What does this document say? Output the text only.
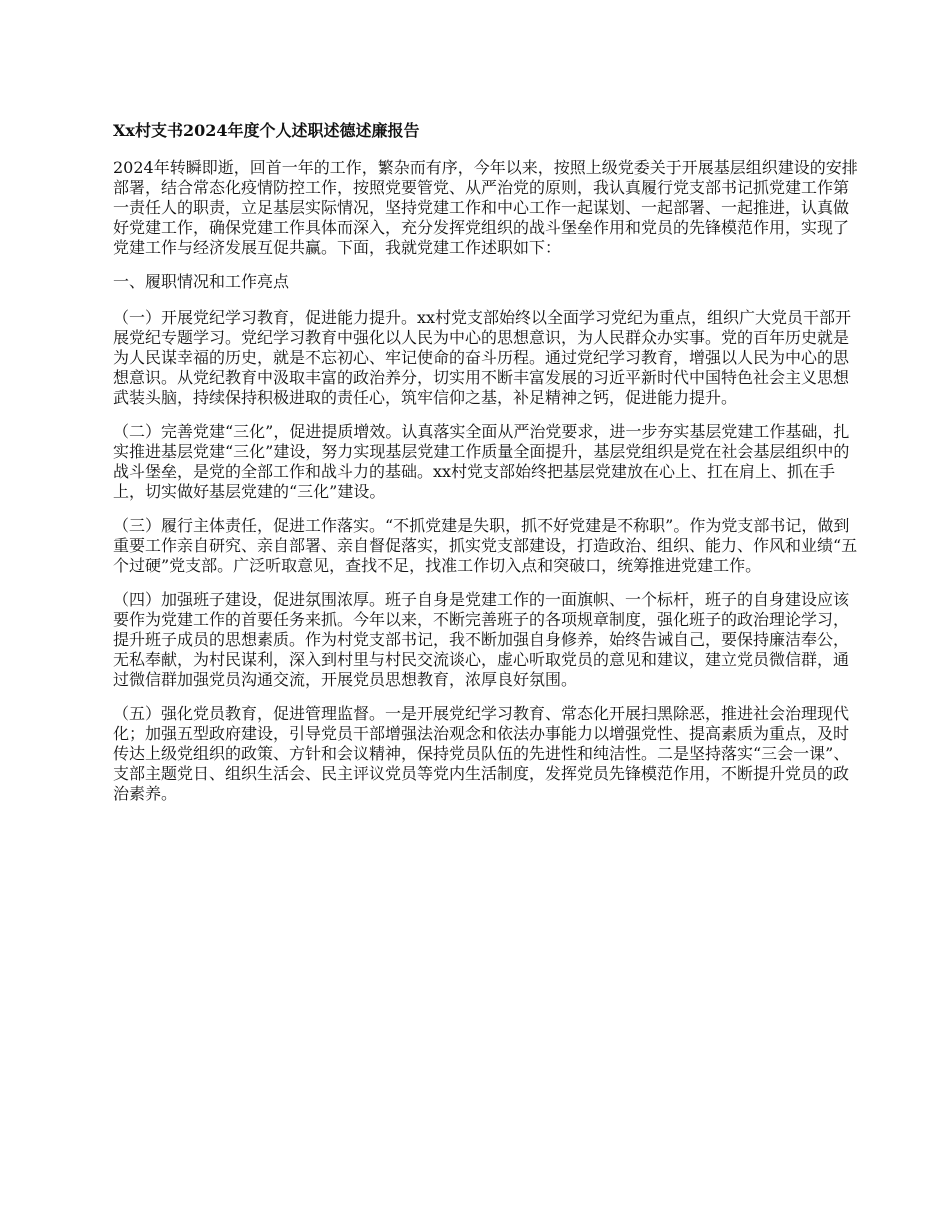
Xx村支书2024年度个人述职述德述廉报告
2024年转瞬即逝，回首一年的工作，繁杂而有序，今年以来，按照上级党委关于开展基层组织建设的安排部署，结合常态化疫情防控工作，按照党要管党、从严治党的原则，我认真履行党支部书记抓党建工作第一责任人的职责，立足基层实际情况，坚持党建工作和中心工作一起谋划、一起部署、一起推进，认真做好党建工作，确保党建工作具体而深入，充分发挥党组织的战斗堡垒作用和党员的先锋模范作用，实现了党建工作与经济发展互促共赢。下面，我就党建工作述职如下：
一、履职情况和工作亮点
（一）开展党纪学习教育，促进能力提升。xx村党支部始终以全面学习党纪为重点，组织广大党员干部开展党纪专题学习。党纪学习教育中强化以人民为中心的思想意识，为人民群众办实事。党的百年历史就是为人民谋幸福的历史，就是不忘初心、牢记使命的奋斗历程。通过党纪学习教育，增强以人民为中心的思想意识。从党纪教育中汲取丰富的政治养分，切实用不断丰富发展的习近平新时代中国特色社会主义思想武装头脑，持续保持积极进取的责任心，筑牢信仰之基，补足精神之钙，促进能力提升。
（二）完善党建“三化”，促进提质增效。认真落实全面从严治党要求，进一步夯实基层党建工作基础，扎实推进基层党建“三化”建设，努力实现基层党建工作质量全面提升，基层党组织是党在社会基层组织中的战斗堡垒，是党的全部工作和战斗力的基础。xx村党支部始终把基层党建放在心上、扛在肩上、抓在手上，切实做好基层党建的“三化”建设。
（三）履行主体责任，促进工作落实。“不抓党建是失职，抓不好党建是不称职”。作为党支部书记，做到重要工作亲自研究、亲自部署、亲自督促落实，抓实党支部建设，打造政治、组织、能力、作风和业绩“五个过硬”党支部。广泛听取意见，查找不足，找准工作切入点和突破口，统筹推进党建工作。
（四）加强班子建设，促进氛围浓厚。班子自身是党建工作的一面旗帜、一个标杆，班子的自身建设应该要作为党建工作的首要任务来抓。今年以来，不断完善班子的各项规章制度，强化班子的政治理论学习，提升班子成员的思想素质。作为村党支部书记，我不断加强自身修养，始终告诫自己，要保持廉洁奉公，无私奉献，为村民谋利，深入到村里与村民交流谈心，虚心听取党员的意见和建议，建立党员微信群，通过微信群加强党员沟通交流，开展党员思想教育，浓厚良好氛围。
（五）强化党员教育，促进管理监督。一是开展党纪学习教育、常态化开展扫黑除恶，推进社会治理现代化；加强五型政府建设，引导党员干部增强法治观念和依法办事能力以增强党性、提高素质为重点，及时传达上级党组织的政策、方针和会议精神，保持党员队伍的先进性和纯洁性。二是坚持落实“三会一课”、支部主题党日、组织生活会、民主评议党员等党内生活制度，发挥党员先锋模范作用，不断提升党员的政治素养。
